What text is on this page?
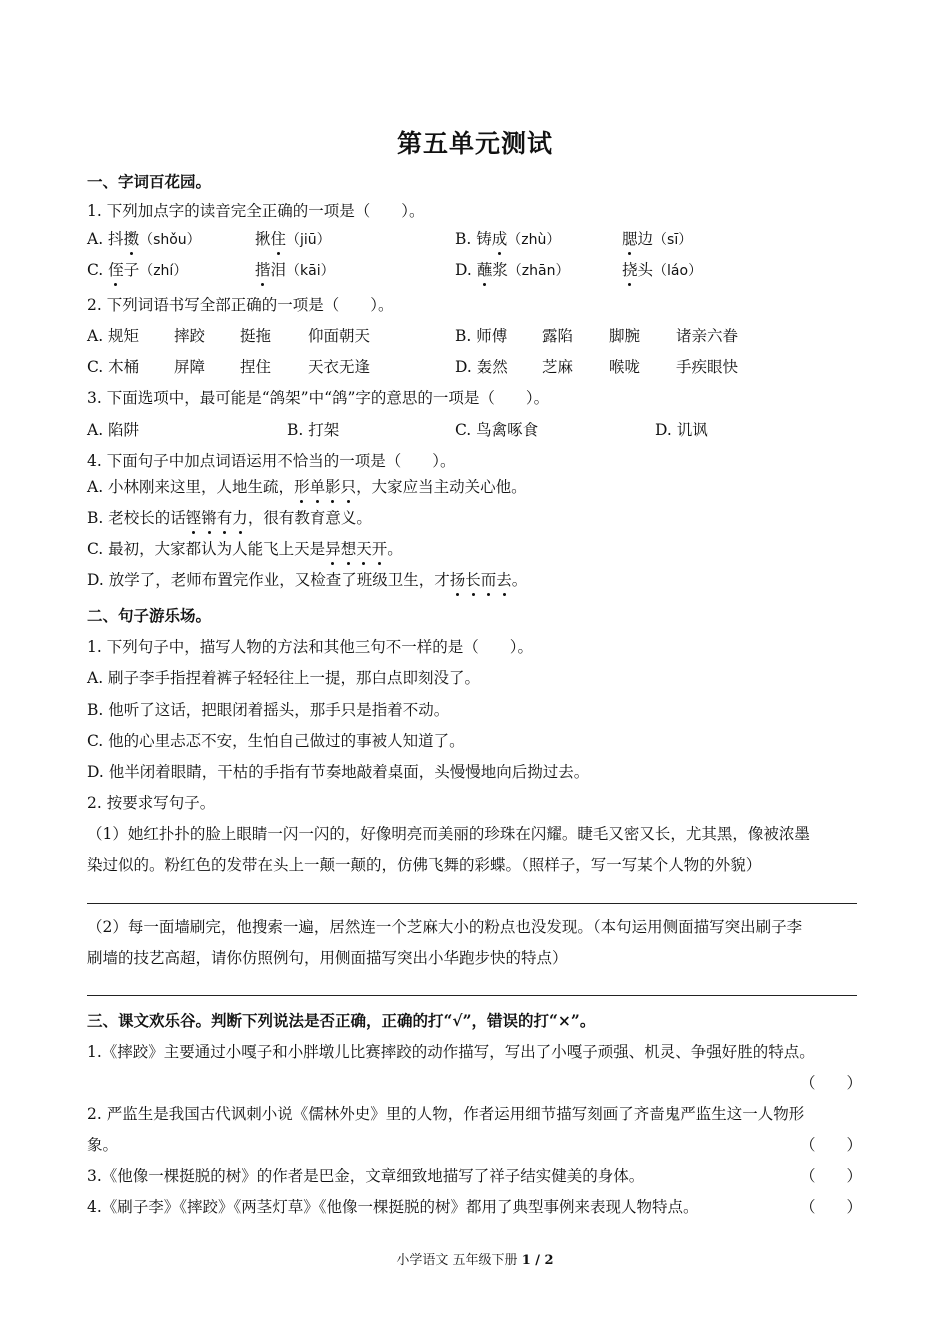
第五单元测试
一、字词百花园。
1. 下列加点字的读音完全正确的一项是（　　）。
A. 抖擞（shǒu）	揪住（jiū）	B. 铸成（zhù）	腮边（sī）
C. 侄子（zhí）	揩泪（kāi）	D. 蘸浆（zhān）	挠头（láo）
2. 下列词语书写全部正确的一项是（　　）。
A. 规矩 摔跤 挺拖 仰面朝天	B. 师傅 露陷 脚腕 诸亲六眷
C. 木桶 屏障 捏住 天衣无逢	D. 轰然 芝麻 喉咙 手疾眼快
3. 下面选项中，最可能是“鸽架”中“鸽”字的意思的一项是（　　）。
A. 陷阱	B. 打架	C. 鸟禽啄食	D. 讥讽
4. 下面句子中加点词语运用不恰当的一项是（　　）。
A. 小林刚来这里，人地生疏，形单影只，大家应当主动关心他。
B. 老校长的话铿锵有力，很有教育意义。
C. 最初，大家都认为人能飞上天是异想天开。
D. 放学了，老师布置完作业，又检查了班级卫生，才扬长而去。
二、句子游乐场。
1. 下列句子中，描写人物的方法和其他三句不一样的是（　　）。
A. 刷子李手指捏着裤子轻轻往上一提，那白点即刻没了。
B. 他听了这话，把眼闭着摇头，那手只是指着不动。
C. 他的心里忐忑不安，生怕自己做过的事被人知道了。
D. 他半闭着眼睛，干枯的手指有节奏地敲着桌面，头慢慢地向后拗过去。
2. 按要求写句子。
（1）她红扑扑的脸上眼睛一闪一闪的，好像明亮而美丽的珍珠在闪耀。睫毛又密又长，尤其黑，像被浓墨
染过似的。粉红色的发带在头上一颠一颠的，仿佛飞舞的彩蝶。（照样子，写一写某个人物的外貌）
（2）每一面墙刷完，他搜索一遍，居然连一个芝麻大小的粉点也没发现。（本句运用侧面描写突出刷子李
刷墙的技艺高超，请你仿照例句，用侧面描写突出小华跑步快的特点）
三、课文欢乐谷。判断下列说法是否正确，正确的打“√”，错误的打“×”。
1.《摔跤》主要通过小嘎子和小胖墩儿比赛摔跤的动作描写，写出了小嘎子顽强、机灵、争强好胜的特点。
（　　）
2. 严监生是我国古代讽刺小说《儒林外史》里的人物，作者运用细节描写刻画了齐啬鬼严监生这一人物形
象。	（　　）
3.《他像一棵挺脱的树》的作者是巴金，文章细致地描写了祥子结实健美的身体。	（　　）
4.《刷子李》《摔跤》《两茎灯草》《他像一棵挺脱的树》都用了典型事例来表现人物特点。	（　　）
小学语文 五年级下册 1 / 2
